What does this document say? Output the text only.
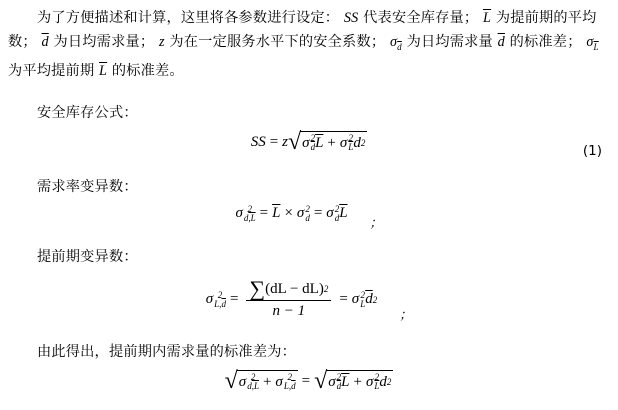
为了方便描述和计算，这里将各参数进行设定： SS 代表安全库存量； $\overline{L}$ 为提前期的平均数； $\overline{d}$ 为日均需求量； z 为在一定服务水平下的安全系数； $\sigma_{\overline{d}}$ 为日均需求量 $\overline{d}$ 的标准差； $\sigma_{\overline{L}}$ 为平均提前期 $\overline{L}$ 的标准差。

安全库存公式：

SS = z √ σ 2
$\overline{d}$ $\overline{L} + \sigma \frac{2}{L}$ d 2	(1)

需求率变异数：

σ 2
$d,L = \overline{L} \times \sigma$ 2
d = σ 2
d $\overline{L}$
；

提前期变异数：

σ 2
$L,\overline{d} = \frac{\sum (dL - dL) 2}{n - 1} = \sigma$ 2
L $\overline{d}$ 2
；

由此得出，提前期内需求量的标准差为：

√ σ 2
d,L + σ 2
$L,\overline{d}$ = √ σ 2
$\overline{d}$ $\overline{L} + \sigma \frac{2}{L}$ d 2
